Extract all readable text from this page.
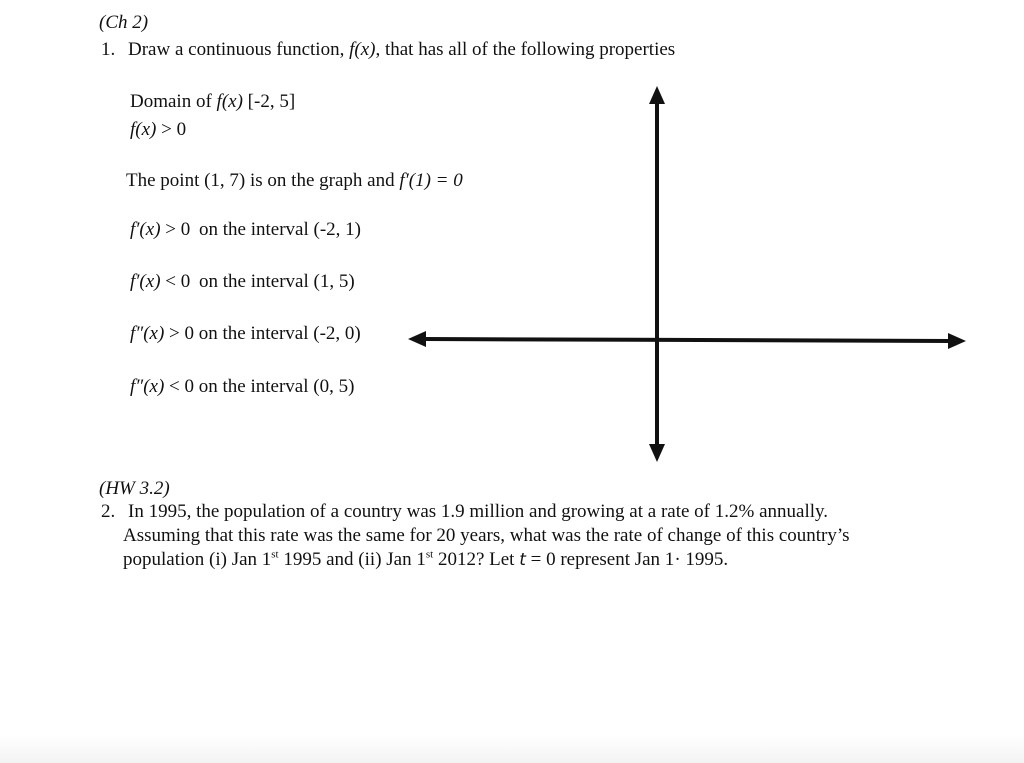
(Ch 2)
1. Draw a continuous function, f(x), that has all of the following properties
Domain of f(x) [-2, 5]
f(x) > 0
The point (1, 7) is on the graph and f′(1) = 0
f′(x) > 0 on the interval (-2, 1)
f′(x) < 0 on the interval (1, 5)
f″(x) > 0 on the interval (-2, 0)
f″(x) < 0 on the interval (0, 5)
(HW 3.2)
2. In 1995, the population of a country was 1.9 million and growing at a rate of 1.2% annually.
Assuming that this rate was the same for 20 years, what was the rate of change of this country’s
population (i) Jan 1st 1995 and (ii) Jan 1st 2012? Let t = 0 represent Jan 1· 1995.
